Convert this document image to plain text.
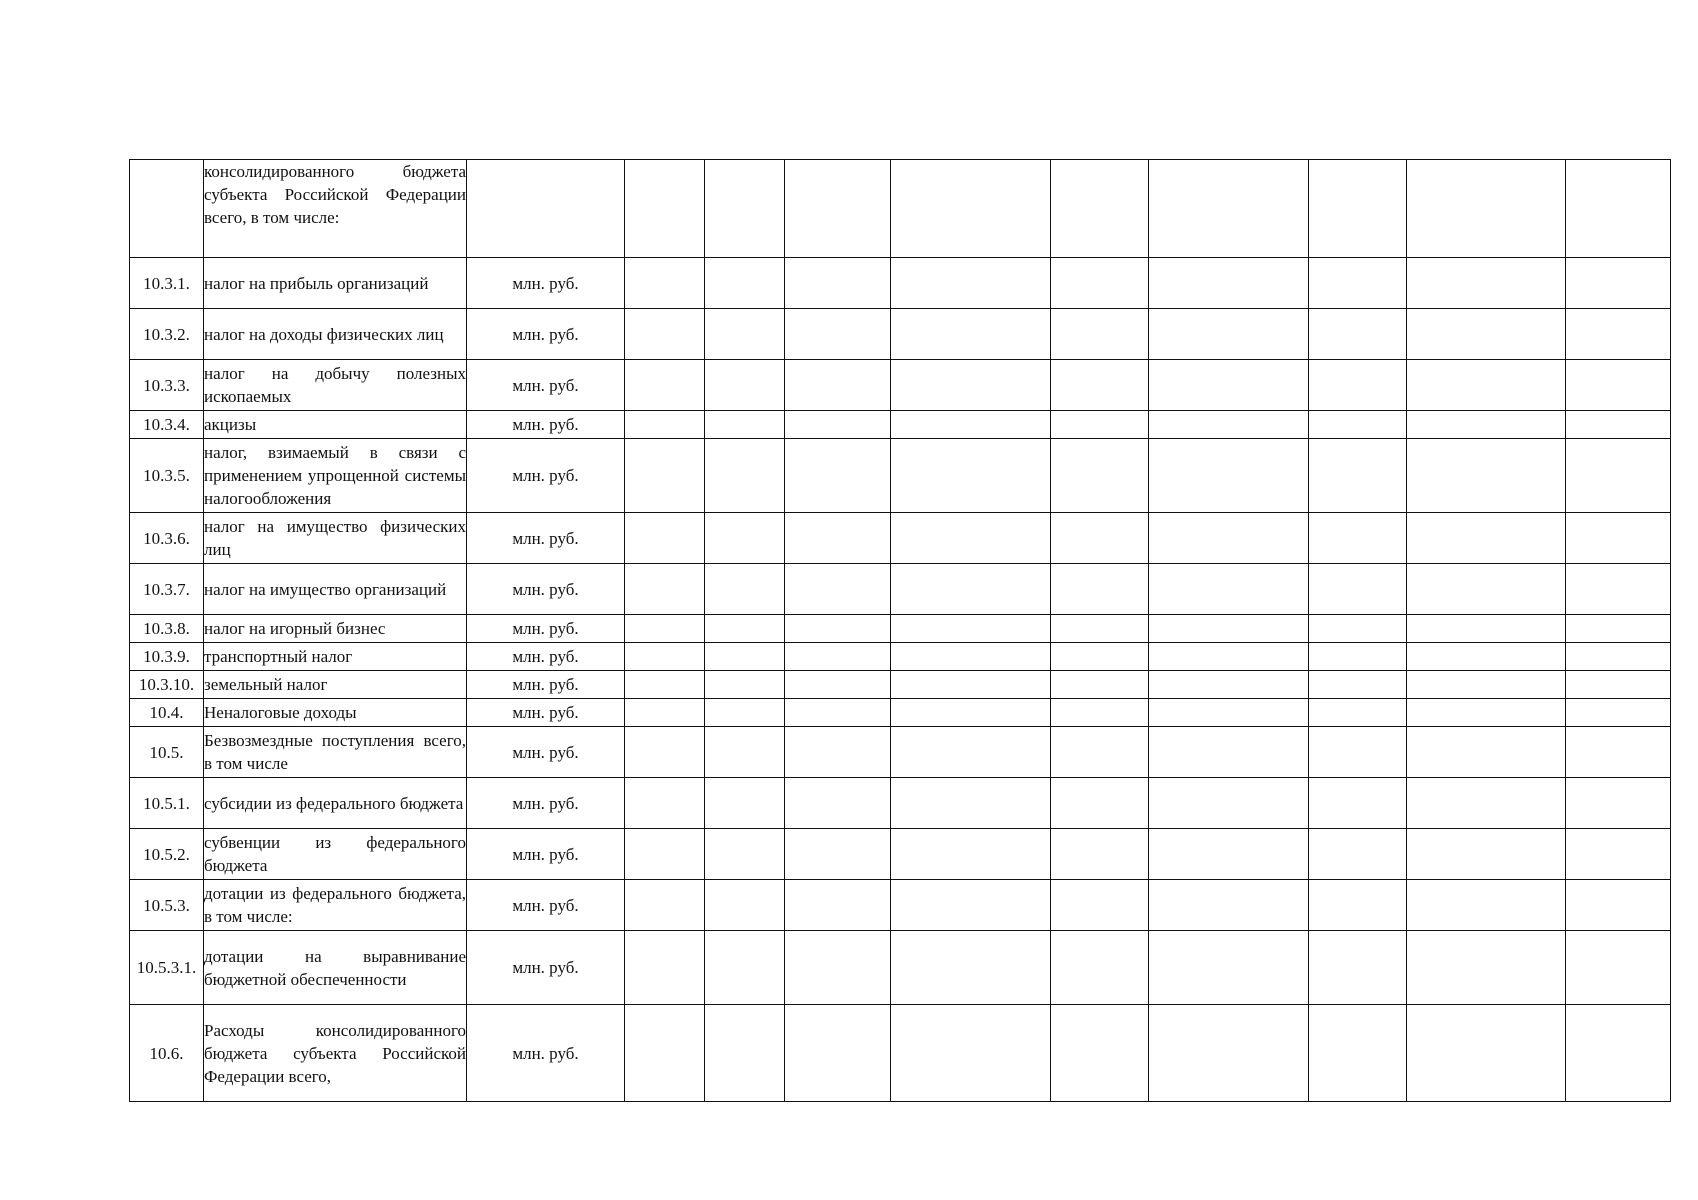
	консолидированного бюджета субъекта Российской Федерации всего, в том числе:										
10.3.1.	налог на прибыль организаций	млн. руб.									
10.3.2.	налог на доходы физических лиц	млн. руб.									
10.3.3.	налог на добычу полезных ископаемых	млн. руб.									
10.3.4.	акцизы	млн. руб.									
10.3.5.	налог, взимаемый в связи с применением упрощенной системы налогообложения	млн. руб.									
10.3.6.	налог на имущество физических лиц	млн. руб.									
10.3.7.	налог на имущество организаций	млн. руб.									
10.3.8.	налог на игорный бизнес	млн. руб.									
10.3.9.	транспортный налог	млн. руб.									
10.3.10.	земельный налог	млн. руб.									
10.4.	Неналоговые доходы	млн. руб.									
10.5.	Безвозмездные поступления всего, в том числе	млн. руб.									
10.5.1.	субсидии из федерального бюджета	млн. руб.									
10.5.2.	субвенции из федерального бюджета	млн. руб.									
10.5.3.	дотации из федерального бюджета, в том числе:	млн. руб.									
10.5.3.1.	дотации на выравнивание бюджетной обеспеченности	млн. руб.									
10.6.	Расходы консолидированного бюджета субъекта Российской Федерации всего,	млн. руб.									
